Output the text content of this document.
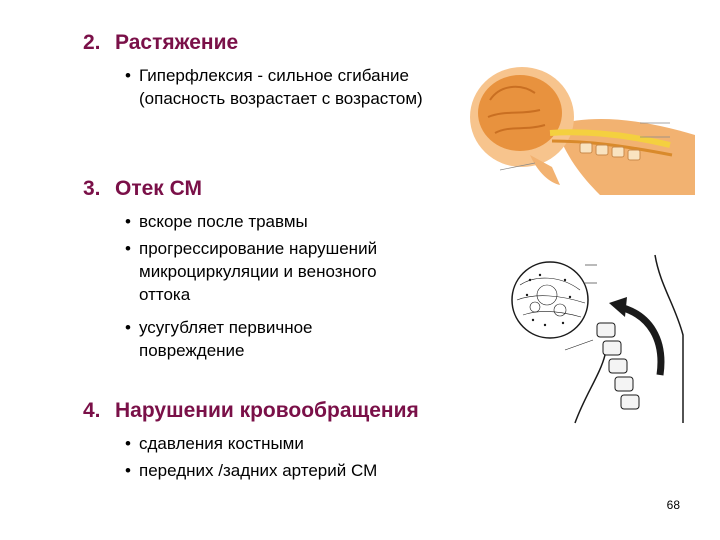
2. Растяжение
• Гиперфлексия - сильное сгибание (опасность возрастает с возрастом)
3. Отек СМ
• вскоре после травмы
• прогрессирование нарушений микроциркуляции и венозного оттока
• усугубляет первичное повреждение
4. Нарушении кровообращения
• сдавления костными
• передних /задних артерий СМ
68
